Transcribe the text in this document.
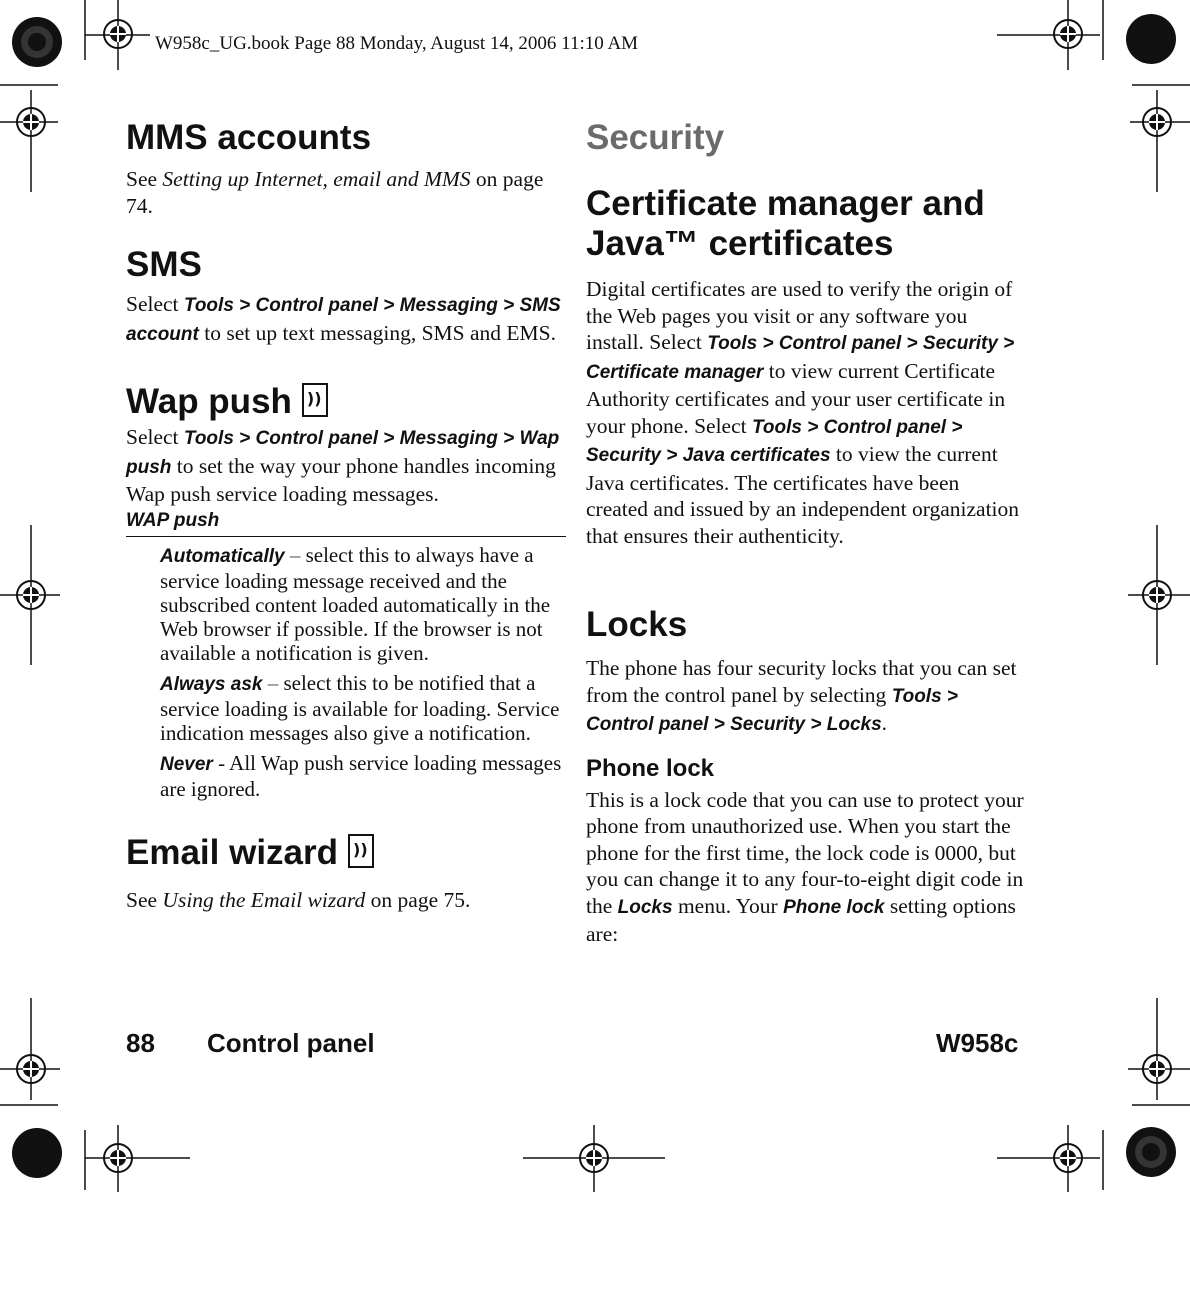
W958c_UG.book Page 88 Monday, August 14, 2006 11:10 AM
MMS accounts

See Setting up Internet, email and MMS on page 74.

SMS

Select Tools > Control panel > Messaging > SMS account to set up text messaging, SMS and EMS.

Wap push ))

Select Tools > Control panel > Messaging > Wap push to set the way your phone handles incoming Wap push service loading messages.

WAP push

Automatically – select this to always have a service loading message received and the subscribed content loaded automatically in the Web browser if possible. If the browser is not available a notification is given.

Always ask – select this to be notified that a service loading is available for loading. Service indication messages also give a notification.

Never - All Wap push service loading messages are ignored.

Email wizard ))

See Using the Email wizard on page 75.

Security
Certificate manager and Java™ certificates

Digital certificates are used to verify the origin of the Web pages you visit or any software you install. Select Tools > Control panel > Security > Certificate manager to view current Certificate Authority certificates and your user certificate in your phone. Select Tools > Control panel > Security > Java certificates to view the current Java certificates. The certificates have been created and issued by an independent organization that ensures their authenticity.

Locks

The phone has four security locks that you can set from the control panel by selecting Tools > Control panel > Security > Locks.

Phone lock

This is a lock code that you can use to protect your phone from unauthorized use. When you start the phone for the first time, the lock code is 0000, but you can change it to any four-to-eight digit code in the Locks menu. Your Phone lock setting options are:

88 Control panel	W958c
